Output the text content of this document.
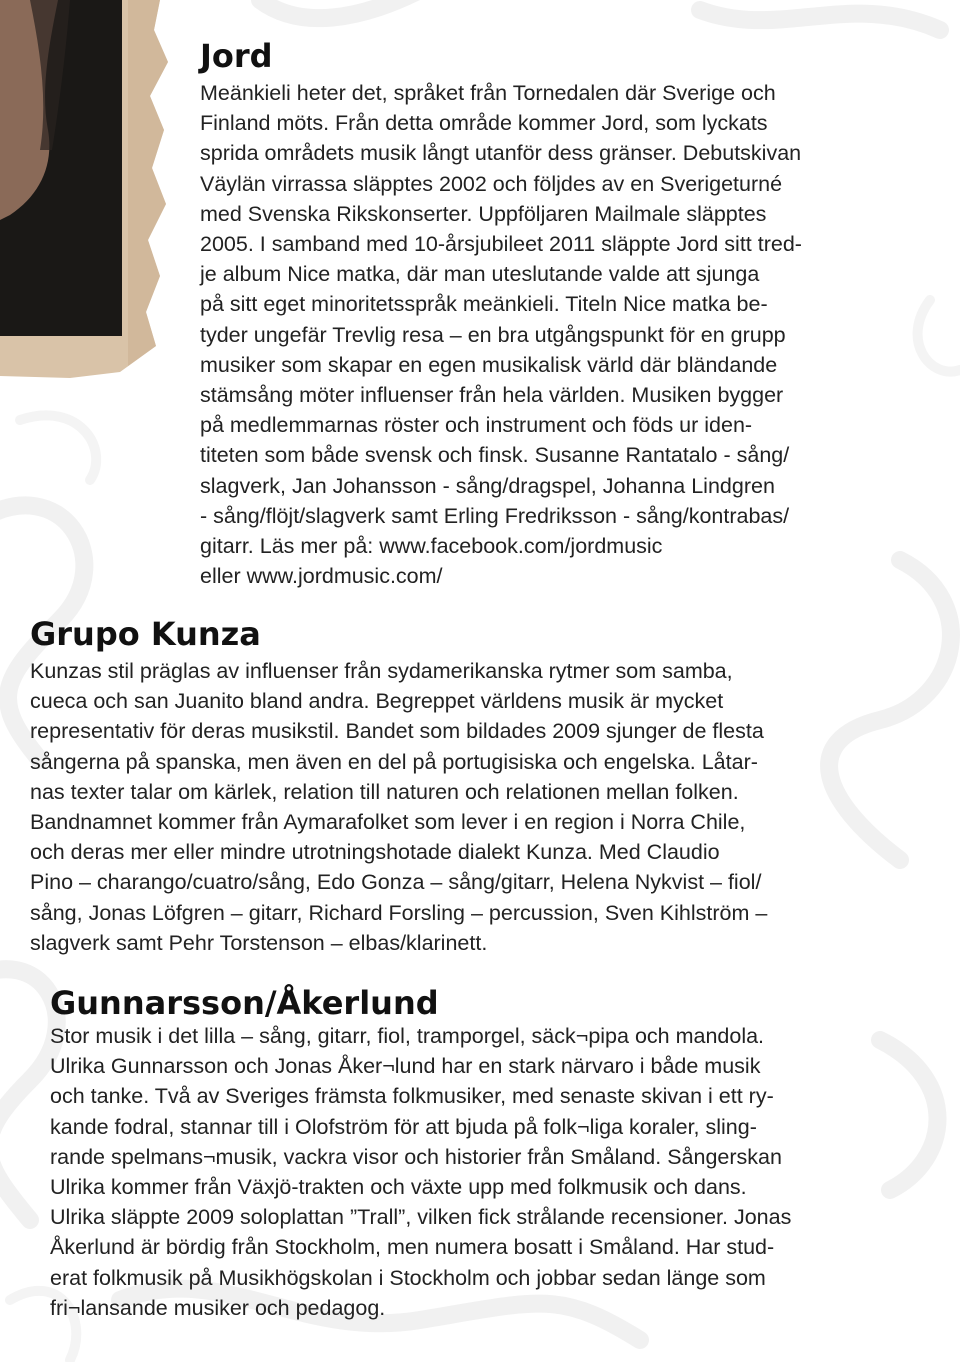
Jord

Meänkieli heter det, språket från Tornedalen där Sverige och
Finland möts. Från detta område kommer Jord, som lyckats
sprida områdets musik långt utanför dess gränser. Debutskivan
Väylän virrassa släpptes 2002 och följdes av en Sverigeturné
med Svenska Rikskonserter. Uppföljaren Mailmale släpptes
2005. I samband med 10-årsjubileet 2011 släppte Jord sitt tred-
je album Nice matka, där man uteslutande valde att sjunga
på sitt eget minoritetsspråk meänkieli. Titeln Nice matka be-
tyder ungefär Trevlig resa – en bra utgångspunkt för en grupp
musiker som skapar en egen musikalisk värld där bländande
stämsång möter influenser från hela världen. Musiken bygger
på medlemmarnas röster och instrument och föds ur iden-
titeten som både svensk och finsk. Susanne Rantatalo - sång/
slagverk, Jan Johansson - sång/dragspel, Johanna Lindgren
- sång/flöjt/slagverk samt Erling Fredriksson - sång/kontrabas/
gitarr. Läs mer på: www.facebook.com/jordmusic
eller www.jordmusic.com/

Grupo Kunza

Kunzas stil präglas av influenser från sydamerikanska rytmer som samba,
cueca och san Juanito bland andra. Begreppet världens musik är mycket
representativ för deras musikstil. Bandet som bildades 2009 sjunger de flesta
sångerna på spanska, men även en del på portugisiska och engelska. Låtar-
nas texter talar om kärlek, relation till naturen och relationen mellan folken.
Bandnamnet kommer från Aymarafolket som lever i en region i Norra Chile,
och deras mer eller mindre utrotningshotade dialekt Kunza. Med Claudio
Pino – charango/cuatro/sång, Edo Gonza – sång/gitarr, Helena Nykvist – fiol/
sång, Jonas Löfgren – gitarr, Richard Forsling – percussion, Sven Kihlström –
slagverk samt Pehr Torstenson – elbas/klarinett.

Gunnarsson/Åkerlund

Stor musik i det lilla – sång, gitarr, fiol, tramporgel, säck¬pipa och mandola.
Ulrika Gunnarsson och Jonas Åker¬lund har en stark närvaro i både musik
och tanke. Två av Sveriges främsta folkmusiker, med senaste skivan i ett ry-
kande fodral, stannar till i Olofström för att bjuda på folk¬liga koraler, sling-
rande spelmans¬musik, vackra visor och historier från Småland. Sångerskan
Ulrika kommer från Växjö-trakten och växte upp med folkmusik och dans.
Ulrika släppte 2009 soloplattan ”Trall”, vilken fick strålande recensioner. Jonas
Åkerlund är bördig från Stockholm, men numera bosatt i Småland. Har stud-
erat folkmusik på Musikhögskolan i Stockholm och jobbar sedan länge som
fri¬lansande musiker och pedagog.
